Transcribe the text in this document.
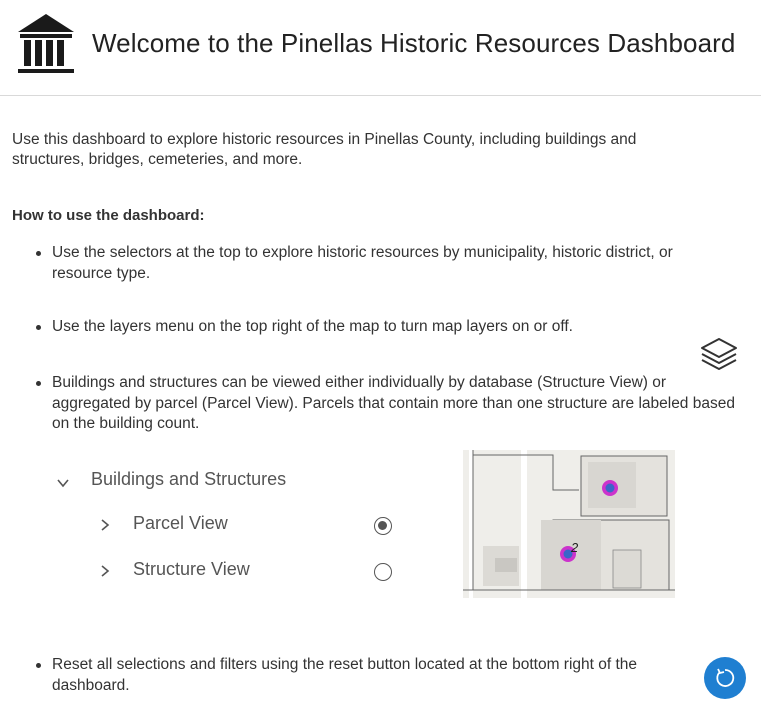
Welcome to the Pinellas Historic Resources Dashboard
Use this dashboard to explore historic resources in Pinellas County, including buildings and structures, bridges, cemeteries, and more.
How to use the dashboard:
Use the selectors at the top to explore historic resources by municipality, historic district, or resource type.
Use the layers menu on the top right of the map to turn map layers on or off.
Buildings and structures can be viewed either individually by database (Structure View) or aggregated by parcel (Parcel View). Parcels that contain more than one structure are labeled based on the building count.
Buildings and Structures
Parcel View
Structure View
2
Reset all selections and filters using the reset button located at the bottom right of the dashboard.
